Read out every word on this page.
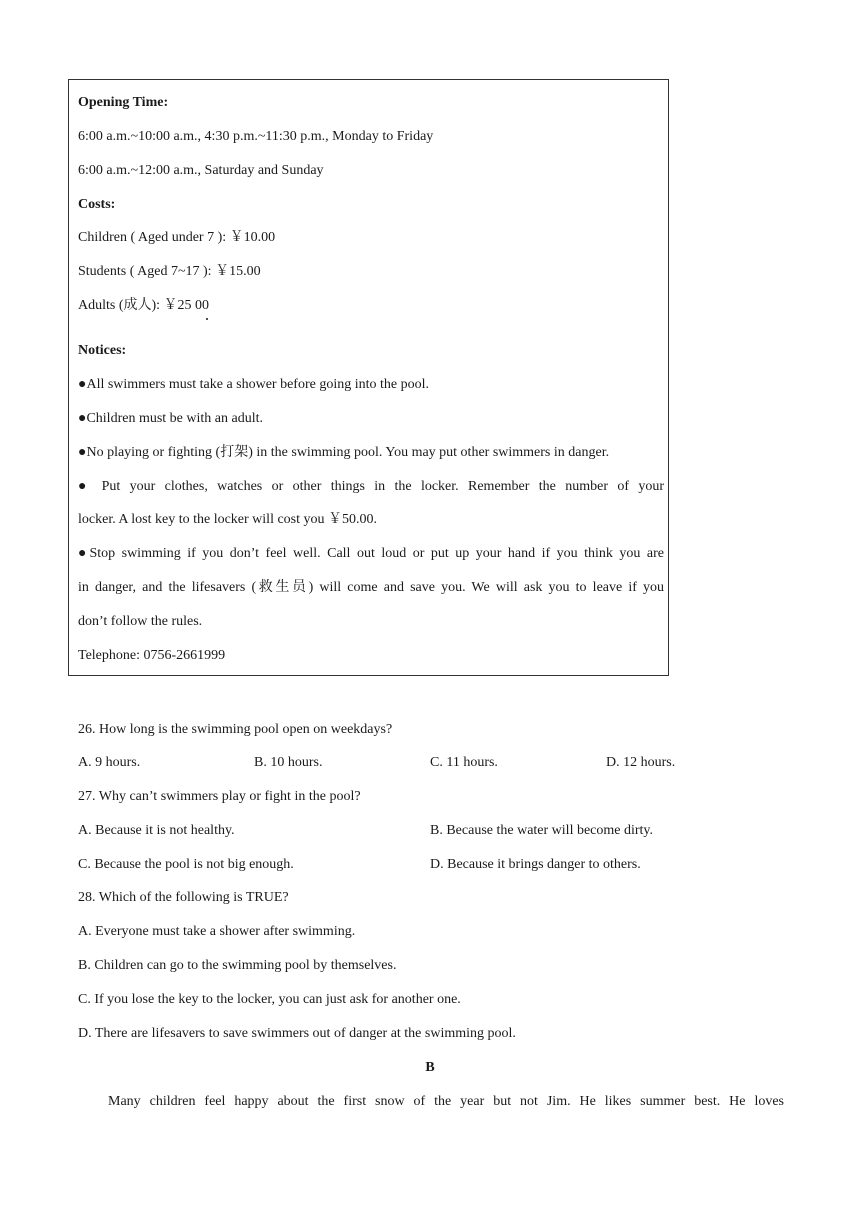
Opening Time:
6:00 a.m.~10:00 a.m., 4:30 p.m.~11:30 p.m., Monday to Friday
6:00 a.m.~12:00 a.m., Saturday and Sunday
Costs:
Children ( Aged under 7 ): ￥10.00
Students ( Aged 7~17 ): ￥15.00
Adults (成人): ￥25 00
Notices:
●All swimmers must take a shower before going into the pool.
●Children must be with an adult.
●No playing or fighting (打架) in the swimming pool. You may put other swimmers in danger.
● Put your clothes, watches or other things in the locker. Remember the number of your
locker. A lost key to the locker will cost you ￥50.00.
●Stop swimming if you don’t feel well. Call out loud or put up your hand if you think you are
in danger, and the lifesavers (救生员) will come and save you. We will ask you to leave if you
don’t follow the rules.
Telephone: 0756-2661999
26. How long is the swimming pool open on weekdays?
A. 9 hours.	B. 10 hours.	C. 11 hours.	D. 12 hours.
27. Why can’t swimmers play or fight in the pool?
A. Because it is not healthy.	B. Because the water will become dirty.
C. Because the pool is not big enough.	D. Because it brings danger to others.
28. Which of the following is TRUE?
A. Everyone must take a shower after swimming.
B. Children can go to the swimming pool by themselves.
C. If you lose the key to the locker, you can just ask for another one.
D. There are lifesavers to save swimmers out of danger at the swimming pool.
B
Many children feel happy about the first snow of the year but not Jim. He likes summer best. He loves
